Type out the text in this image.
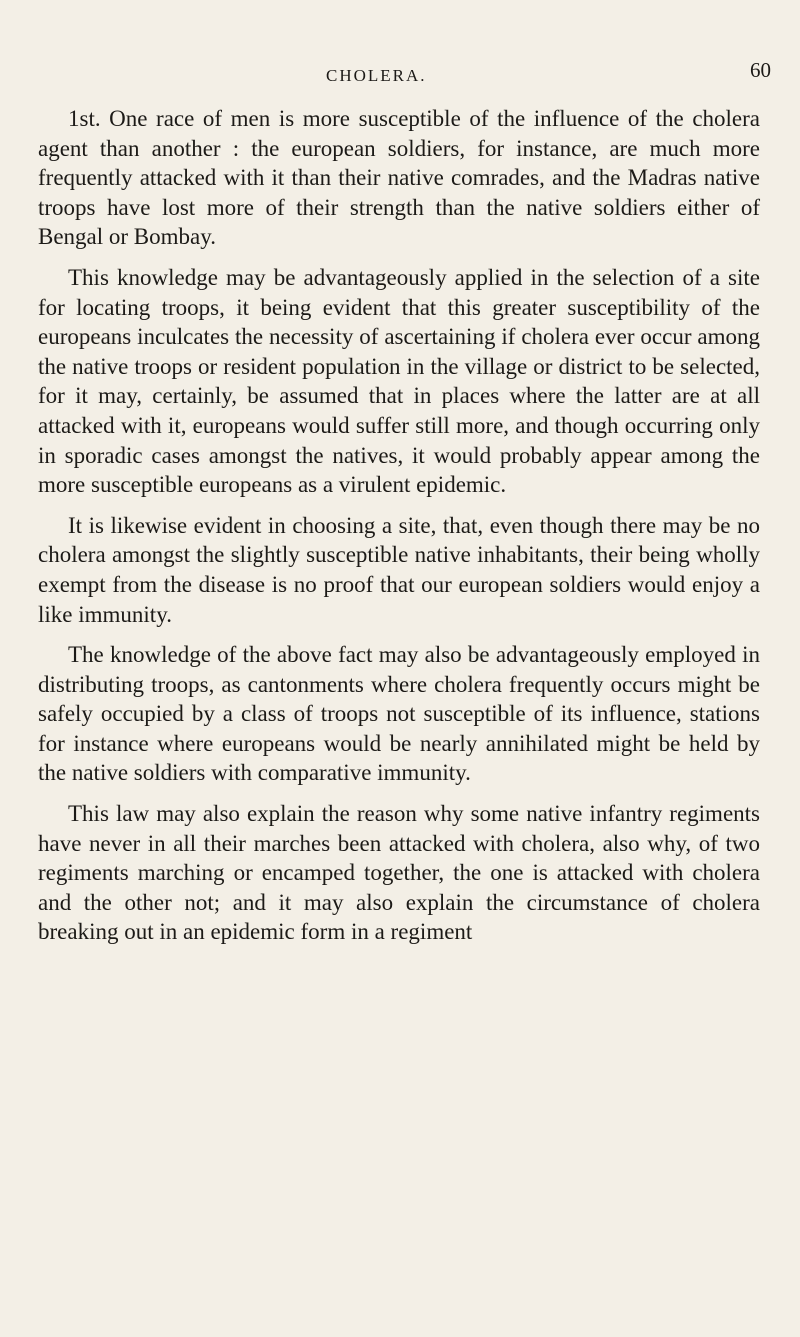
CHOLERA.	60

1st. One race of men is more susceptible of the influence of the cholera agent than another : the european soldiers, for instance, are much more frequently attacked with it than their native comrades, and the Madras native troops have lost more of their strength than the native soldiers either of Bengal or Bombay.

This knowledge may be advantageously applied in the selection of a site for locating troops, it being evident that this greater susceptibility of the europeans inculcates the necessity of ascertaining if cholera ever occur among the native troops or resident population in the village or district to be selected, for it may, certainly, be assumed that in places where the latter are at all attacked with it, europeans would suffer still more, and though occurring only in sporadic cases amongst the natives, it would probably appear among the more susceptible europeans as a virulent epidemic.

It is likewise evident in choosing a site, that, even though there may be no cholera amongst the slightly susceptible native inhabitants, their being wholly exempt from the disease is no proof that our european soldiers would enjoy a like immunity.

The knowledge of the above fact may also be advantageously employed in distributing troops, as cantonments where cholera frequently occurs might be safely occupied by a class of troops not susceptible of its influence, stations for instance where europeans would be nearly annihilated might be held by the native soldiers with comparative immunity.

This law may also explain the reason why some native infantry regiments have never in all their marches been attacked with cholera, also why, of two regiments marching or encamped together, the one is attacked with cholera and the other not; and it may also explain the circumstance of cholera breaking out in an epidemic form in a regiment
